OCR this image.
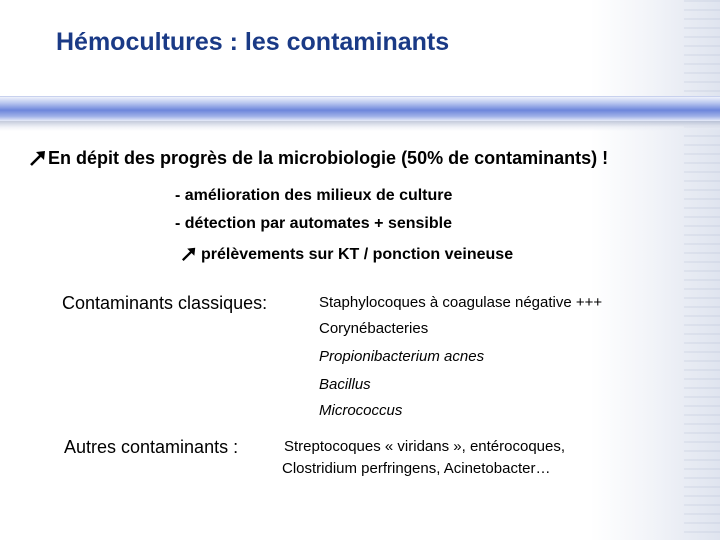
Hémocultures : les contaminants
En dépit des progrès de la microbiologie (50% de contaminants) !
- amélioration des milieux de culture
- détection par automates + sensible
prélèvements sur KT / ponction veineuse
Contaminants classiques:	Staphylocoques à coagulase négative +++
Corynébacteries
Propionibacterium acnes
Bacillus
Micrococcus
Autres contaminants :	Streptocoques « viridans », entérocoques,
Clostridium perfringens, Acinetobacter…
